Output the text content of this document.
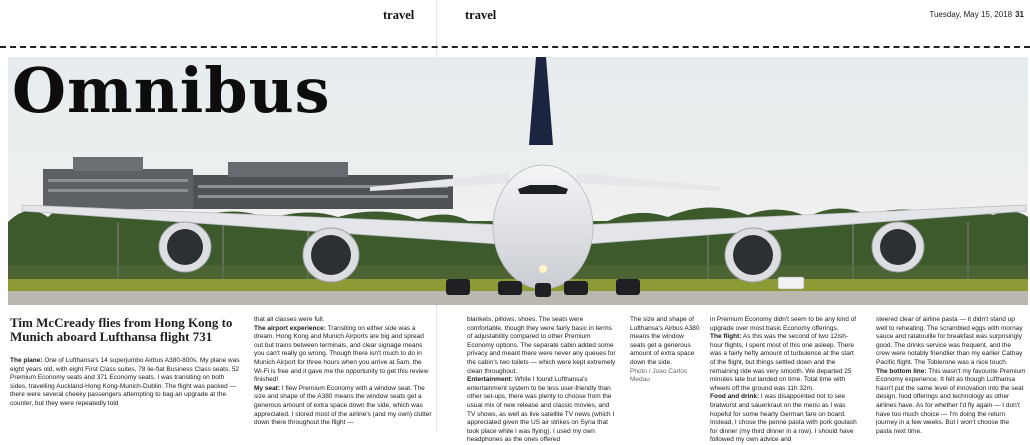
travel	travel	Tuesday, May 15, 2018 31
Omnibus
Tim McCready flies from Hong Kong to Munich aboard Lufthansa flight 731

The plane: One of Lufthansa's 14 superjumbo Airbus A380-800s. My plane was eight years old, with eight First Class suites, 78 lie-flat Business Class seats, 52 Premium Economy seats and 371 Economy seats. I was transiting on both sides, travelling Auckland-Hong Kong-Munich-Dublin. The flight was packed — there were several cheeky passengers attempting to bag an upgrade at the counter, but they were repeatedly told

that all classes were full.

The airport experience: Transiting on either side was a dream. Hong Kong and Munich Airports are big and spread out but trains between terminals, and clear signage means you can't really go wrong. Though there isn't much to do in Munich Airport for three hours when you arrive at 5am, the Wi-Fi is free and it gave me the opportunity to get this review finished!

My seat: I flew Premium Economy with a window seat. The size and shape of the A380 means the window seats get a generous amount of extra space down the side, which was appreciated. I stored most of the airline's (and my own) clutter down there throughout the flight —

blankets, pillows, shoes. The seats were comfortable, though they were fairly basic in terms of adjustability compared to other Premium Economy options. The separate cabin added some privacy and meant there were never any queues for the cabin's two toilets — which were kept extremely clean throughout.

Entertainment: While I found Lufthansa's entertainment system to be less user-friendly than other set-ups, there was plenty to choose from the usual mix of new release and classic movies, and TV shows, as well as live satellite TV news (which I appreciated given the US air strikes on Syria that took place while I was flying). I used my own headphones as the ones offered

The size and shape of Lufthansa's Airbus A380 means the window seats get a generous amount of extra space down the side.

Photo / Joao Carlos Medau

in Premium Economy didn't seem to be any kind of upgrade over most basic Economy offerings.

The flight: As this was the second of two 12ish-hour flights, I spent most of this one asleep. There was a fairly hefty amount of turbulence at the start of the flight, but things settled down and the remaining ride was very smooth. We departed 25 minutes late but landed on time. Total time with wheels off the ground was 11h 32m.

Food and drink: I was disappointed not to see bratwurst and sauerkraut on the menu as I was hopeful for some hearty German fare on board. Instead, I chose the penne pasta with pork goulash for dinner (my third dinner in a row). I should have followed my own advice and

steered clear of airline pasta — it didn't stand up well to reheating. The scrambled eggs with mornay sauce and ratatouille for breakfast was surprisingly good. The drinks service was frequent, and the crew were notably friendlier than my earlier Cathay Pacific flight. The Toblerone was a nice touch.

The bottom line: This wasn't my favourite Premium Economy experience. It felt as though Lufthansa hasn't put the same level of innovation into the seat design, food offerings and technology as other airlines have. As for whether I'd fly again — I don't have too much choice — I'm doing the return journey in a few weeks. But I won't choose the pasta next time.
